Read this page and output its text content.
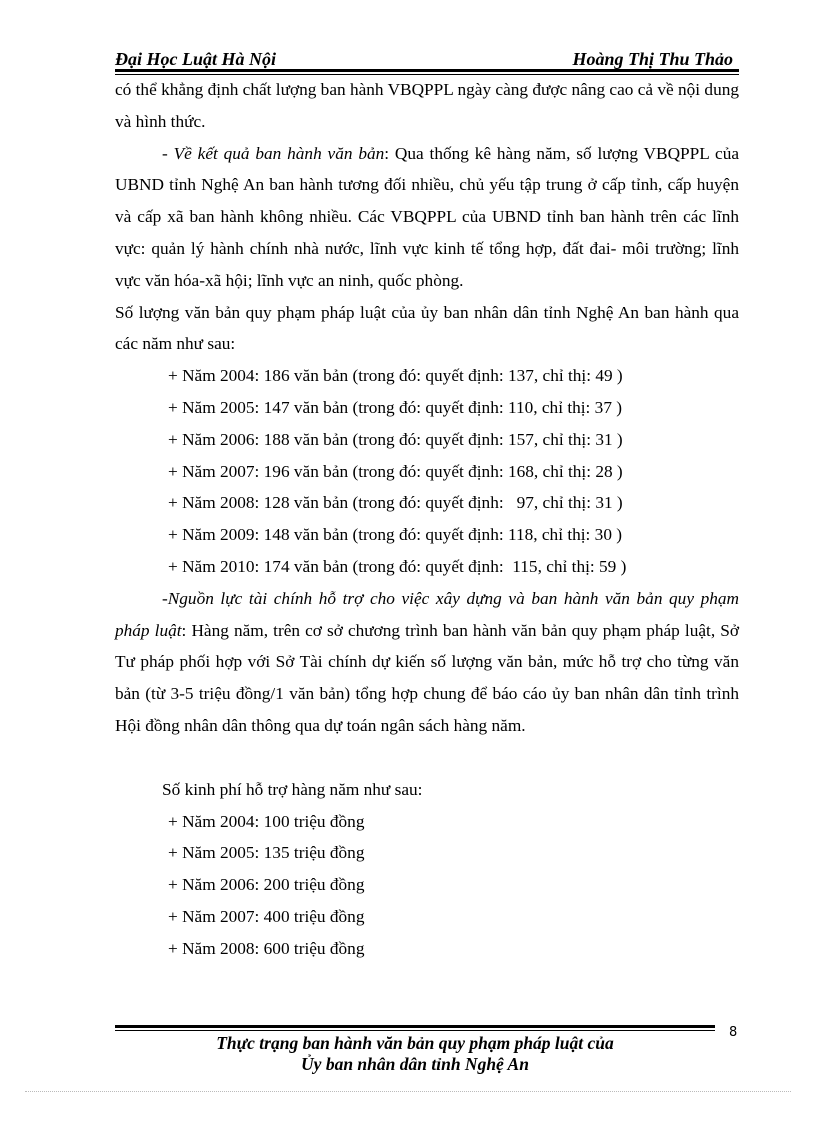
Đại Học Luật Hà Nội	Hoàng Thị Thu Thảo

có thể khẳng định chất lượng ban hành VBQPPL ngày càng được nâng cao cả về nội dung và hình thức.

- Về kết quả ban hành văn bản: Qua thống kê hàng năm, số lượng VBQPPL của UBND tỉnh Nghệ An ban hành tương đối nhiều, chủ yếu tập trung ở cấp tỉnh, cấp huyện và cấp xã ban hành không nhiều. Các VBQPPL của UBND tỉnh ban hành trên các lĩnh vực: quản lý hành chính nhà nước, lĩnh vực kinh tế tổng hợp, đất đai- môi trường; lĩnh vực văn hóa-xã hội; lĩnh vực an ninh, quốc phòng.

Số lượng văn bản quy phạm pháp luật của ủy ban nhân dân tỉnh Nghệ An ban hành qua các năm như sau:

+ Năm 2004: 186 văn bản (trong đó: quyết định: 137, chỉ thị: 49 )
+ Năm 2005: 147 văn bản (trong đó: quyết định: 110, chỉ thị: 37 )
+ Năm 2006: 188 văn bản (trong đó: quyết định: 157, chỉ thị: 31 )
+ Năm 2007: 196 văn bản (trong đó: quyết định: 168, chỉ thị: 28 )
+ Năm 2008: 128 văn bản (trong đó: quyết định:   97, chỉ thị: 31 )
+ Năm 2009: 148 văn bản (trong đó: quyết định: 118, chỉ thị: 30 )
+ Năm 2010: 174 văn bản (trong đó: quyết định:  115, chỉ thị: 59 )

-Nguồn lực tài chính hỗ trợ cho việc xây dựng và ban hành văn bản quy phạm pháp luật: Hàng năm, trên cơ sở chương trình ban hành văn bản quy phạm pháp luật, Sở Tư pháp phối hợp với Sở Tài chính dự kiến số lượng văn bản, mức hỗ trợ cho từng văn bản (từ 3-5 triệu đồng/1 văn bản) tổng hợp chung để báo cáo ủy ban nhân dân tỉnh trình Hội đồng nhân dân thông qua dự toán ngân sách hàng năm.

Số kinh phí hỗ trợ hàng năm như sau:

+ Năm 2004: 100 triệu đồng
+ Năm 2005: 135 triệu đồng
+ Năm 2006: 200 triệu đồng
+ Năm 2007: 400 triệu đồng
+ Năm 2008: 600 triệu đồng
Thực trạng ban hành văn bản quy phạm pháp luật của
Ủy ban nhân dân tỉnh Nghệ An
8
